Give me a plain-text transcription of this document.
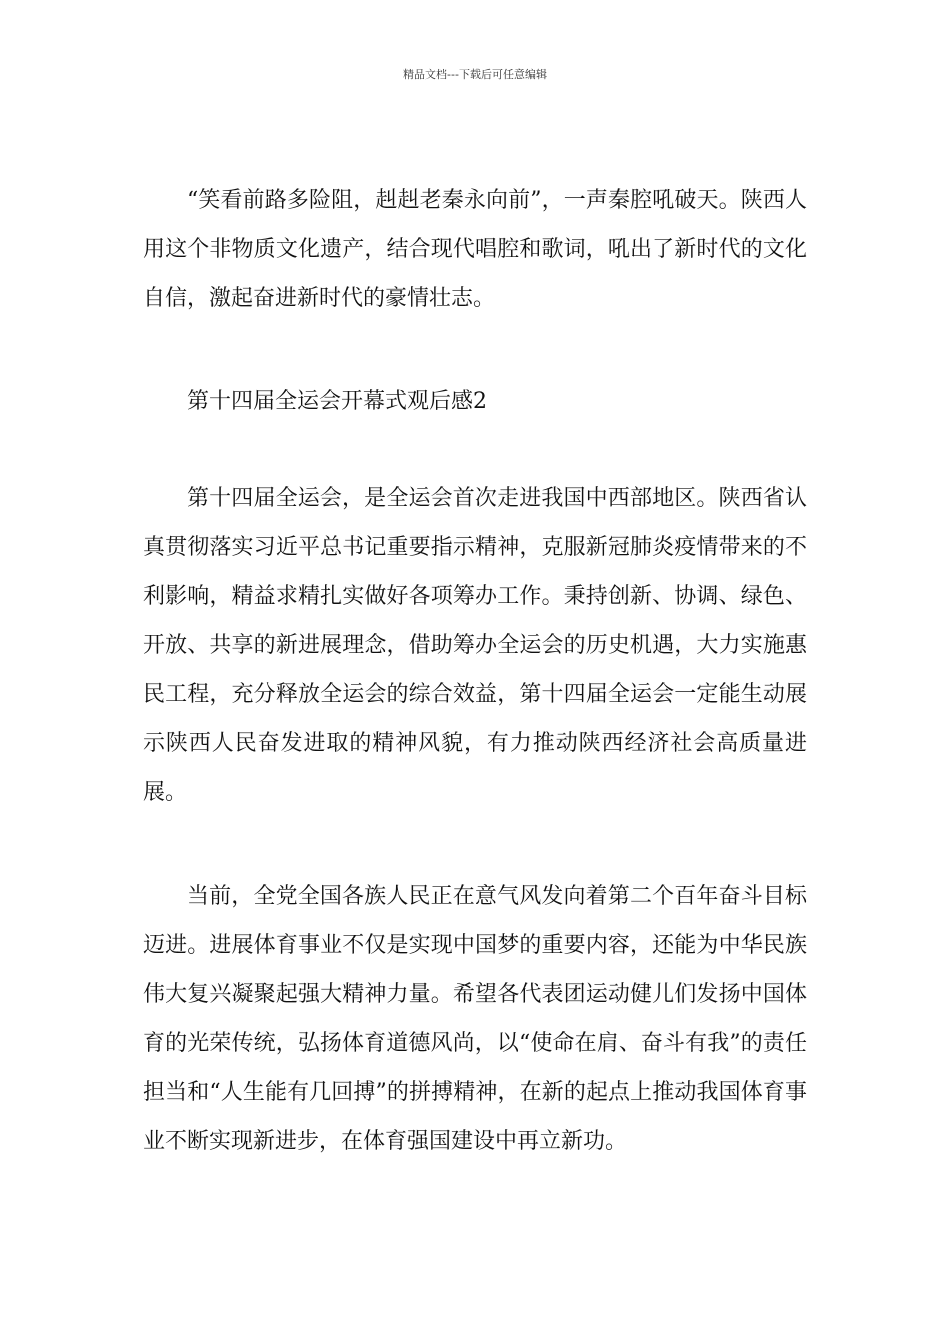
精品文档---下载后可任意编辑

“笑看前路多险阻，赳赳老秦永向前”，一声秦腔吼破天。陕西人用这个非物质文化遗产，结合现代唱腔和歌词，吼出了新时代的文化自信，激起奋进新时代的豪情壮志。

第十四届全运会开幕式观后感2

第十四届全运会，是全运会首次走进我国中西部地区。陕西省认真贯彻落实习近平总书记重要指示精神，克服新冠肺炎疫情带来的不利影响，精益求精扎实做好各项筹办工作。秉持创新、协调、绿色、开放、共享的新进展理念，借助筹办全运会的历史机遇，大力实施惠民工程，充分释放全运会的综合效益，第十四届全运会一定能生动展示陕西人民奋发进取的精神风貌，有力推动陕西经济社会高质量进展。

当前，全党全国各族人民正在意气风发向着第二个百年奋斗目标迈进。进展体育事业不仅是实现中国梦的重要内容，还能为中华民族伟大复兴凝聚起强大精神力量。希望各代表团运动健儿们发扬中国体育的光荣传统，弘扬体育道德风尚，以“使命在肩、奋斗有我”的责任担当和“人生能有几回搏”的拼搏精神，在新的起点上推动我国体育事业不断实现新进步，在体育强国建设中再立新功。
